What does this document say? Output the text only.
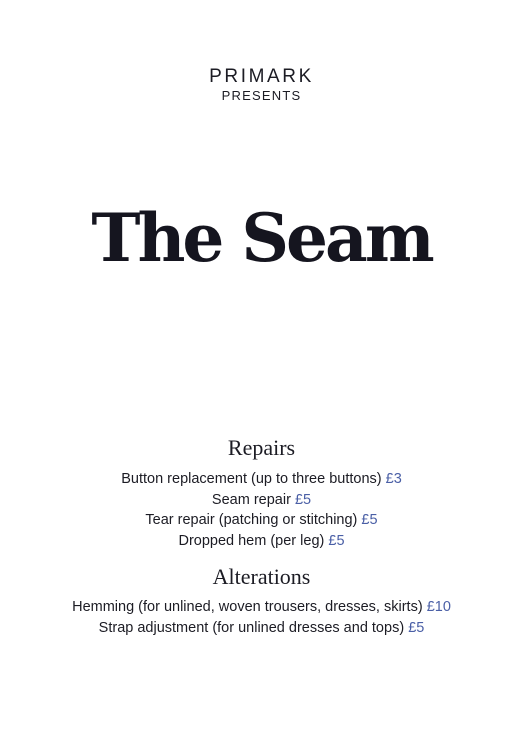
PRIMARK
PRESENTS
The Seam
Repairs
Button replacement (up to three buttons) £3
Seam repair £5
Tear repair (patching or stitching) £5
Dropped hem (per leg) £5
Alterations
Hemming (for unlined, woven trousers, dresses, skirts) £10
Strap adjustment (for unlined dresses and tops) £5
